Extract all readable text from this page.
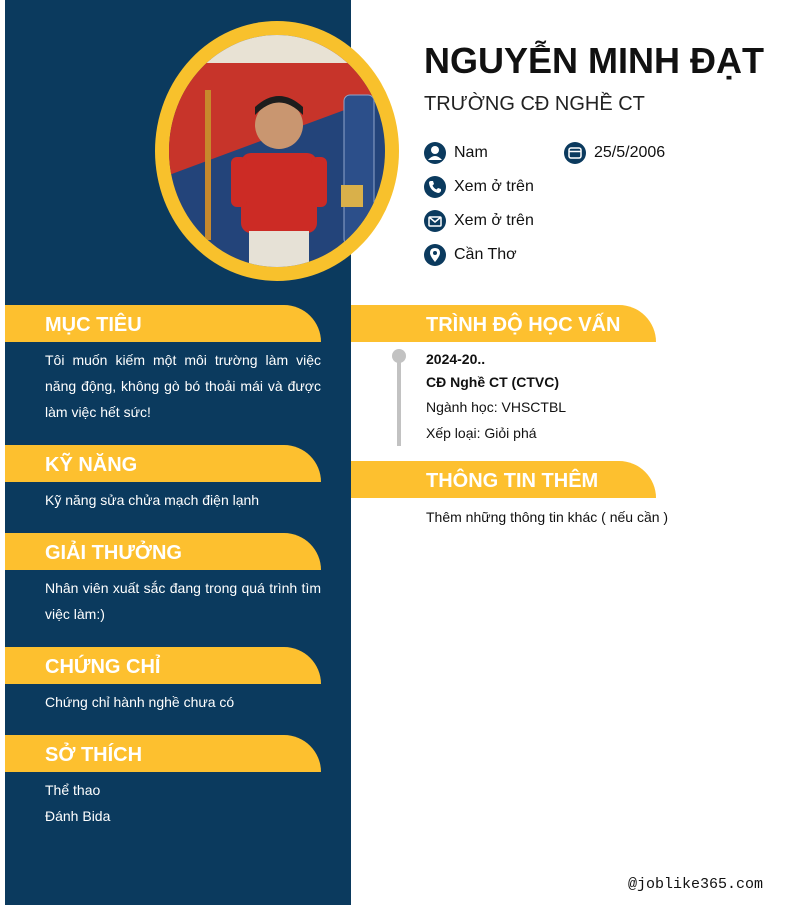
MỤC TIÊU
Tôi muốn kiếm một môi trường làm việc năng động, không gò bó thoải mái và được làm việc hết sức!
KỸ NĂNG
Kỹ năng sửa chửa mạch điện lạnh
GIẢI THƯỞNG
Nhân viên xuất sắc đang trong quá trình tìm việc làm:)
CHỨNG CHỈ
Chứng chỉ hành nghề chưa có
SỞ THÍCH
Thể thao
Đánh Bida
NGUYỄN MINH ĐẠT
TRƯỜNG CĐ NGHỀ CT
Nam	25/5/2006
Xem ở trên
Xem ở trên
Cần Thơ
TRÌNH ĐỘ HỌC VẤN
2024-20..
CĐ Nghề CT (CTVC)
Ngành học: VHSCTBL
Xếp loại: Giỏi phá
THÔNG TIN THÊM
Thêm những thông tin khác ( nếu cần )
@joblike365.com
